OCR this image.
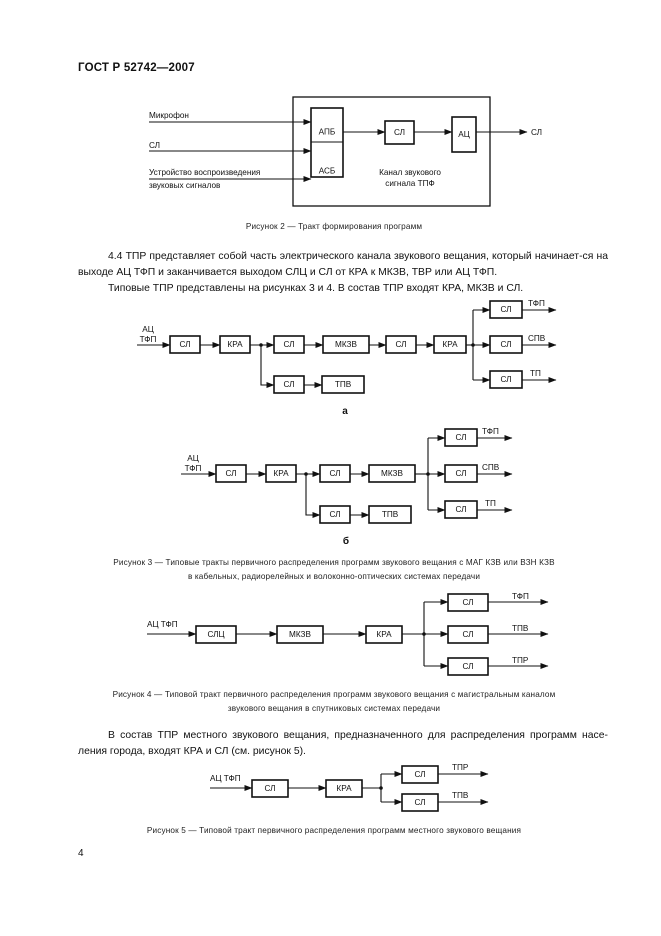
ГОСТ Р 52742—2007
АПБ
АСБ
СЛ	АЦ
Микрофон
СЛ
Устройство воспроизведения
звуковых сигналов
СЛ
Канал звукового
сигнала ТПФ
Рисунок 2 — Тракт формирования программ

4.4 ТПР представляет собой часть электрического канала звукового вещания, который начинает-ся на выходе АЦ ТФП и заканчивается выходом СЛЦ и СЛ от КРА к МКЗВ, ТВР или АЦ ТФП.

Типовые ТПР представлены на рисунках 3 и 4. В состав ТПР входят КРА, МКЗВ и СЛ.

АЦ
ТФП
СЛ	КРА	СЛ	МКЗВ	СЛ	КРА
СЛ	ТПВ
СЛ
ТФП
СЛ
СПВ
СЛ
ТП
а
АЦ
ТФП
СЛ	КРА	СЛ	МКЗВ
СЛ	ТПВ
СЛ
ТФП
СЛ
СПВ
СЛ
ТП
б
Рисунок 3 — Типовые тракты первичного распределения программ звукового вещания с МАГ КЗВ или ВЗН КЗВ
в кабельных, радиорелейных и волоконно-оптических системах передачи
АЦ ТФП
СЛЦ	МКЗВ	КРА
СЛ
ТФП
СЛ
ТПВ
СЛ
ТПР
Рисунок 4 — Типовой тракт первичного распределения программ звукового вещания с магистральным каналом
звукового вещания в спутниковых системах передачи

В состав ТПР местного звукового вещания, предназначенного для распределения программ насе-ления города, входят КРА и СЛ (см. рисунок 5).

АЦ ТФП
СЛ	КРА
СЛ
ТПР
СЛ
ТПВ
Рисунок 5 — Типовой тракт первичного распределения программ местного звукового вещания
4
